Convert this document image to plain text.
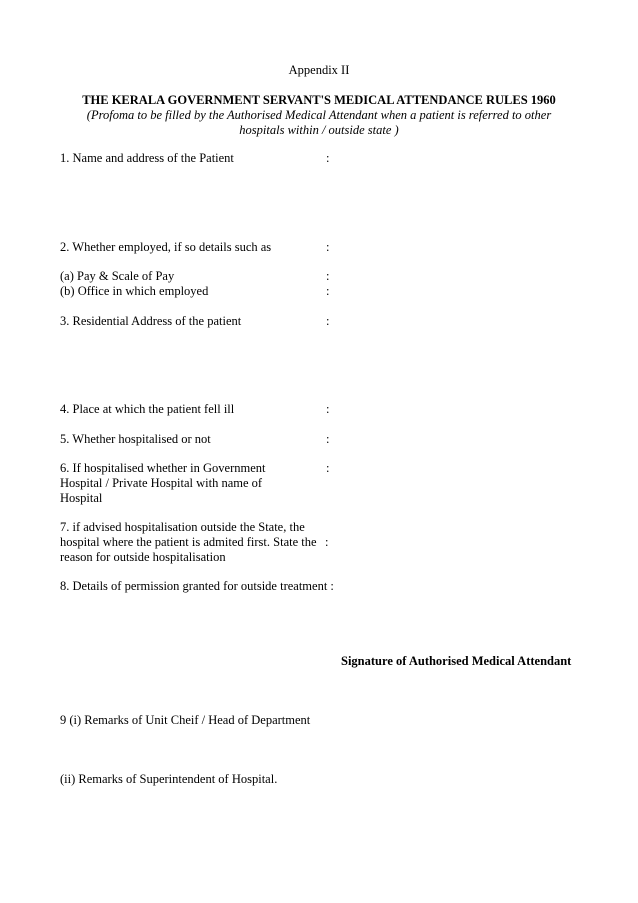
Appendix II
THE KERALA GOVERNMENT SERVANT'S MEDICAL ATTENDANCE RULES 1960
(Profoma to be filled by the Authorised Medical Attendant when a patient is referred to other
hospitals within / outside state )
1. Name and address of the Patient	:
2. Whether employed, if so details such as	:
(a) Pay & Scale of Pay	:
(b) Office in which employed	:
3. Residential Address of the patient	:
4. Place at which the patient fell ill	:
5. Whether hospitalised or not	:
6. If hospitalised whether in Government	:
Hospital / Private Hospital with name of
Hospital
7. if advised hospitalisation outside the State, the
hospital where the patient is admited first. State the :
reason for outside hospitalisation
8. Details of permission granted for outside treatment :
Signature of Authorised Medical Attendant
9 (i) Remarks of Unit Cheif / Head of Department
(ii) Remarks of Superintendent of Hospital.
